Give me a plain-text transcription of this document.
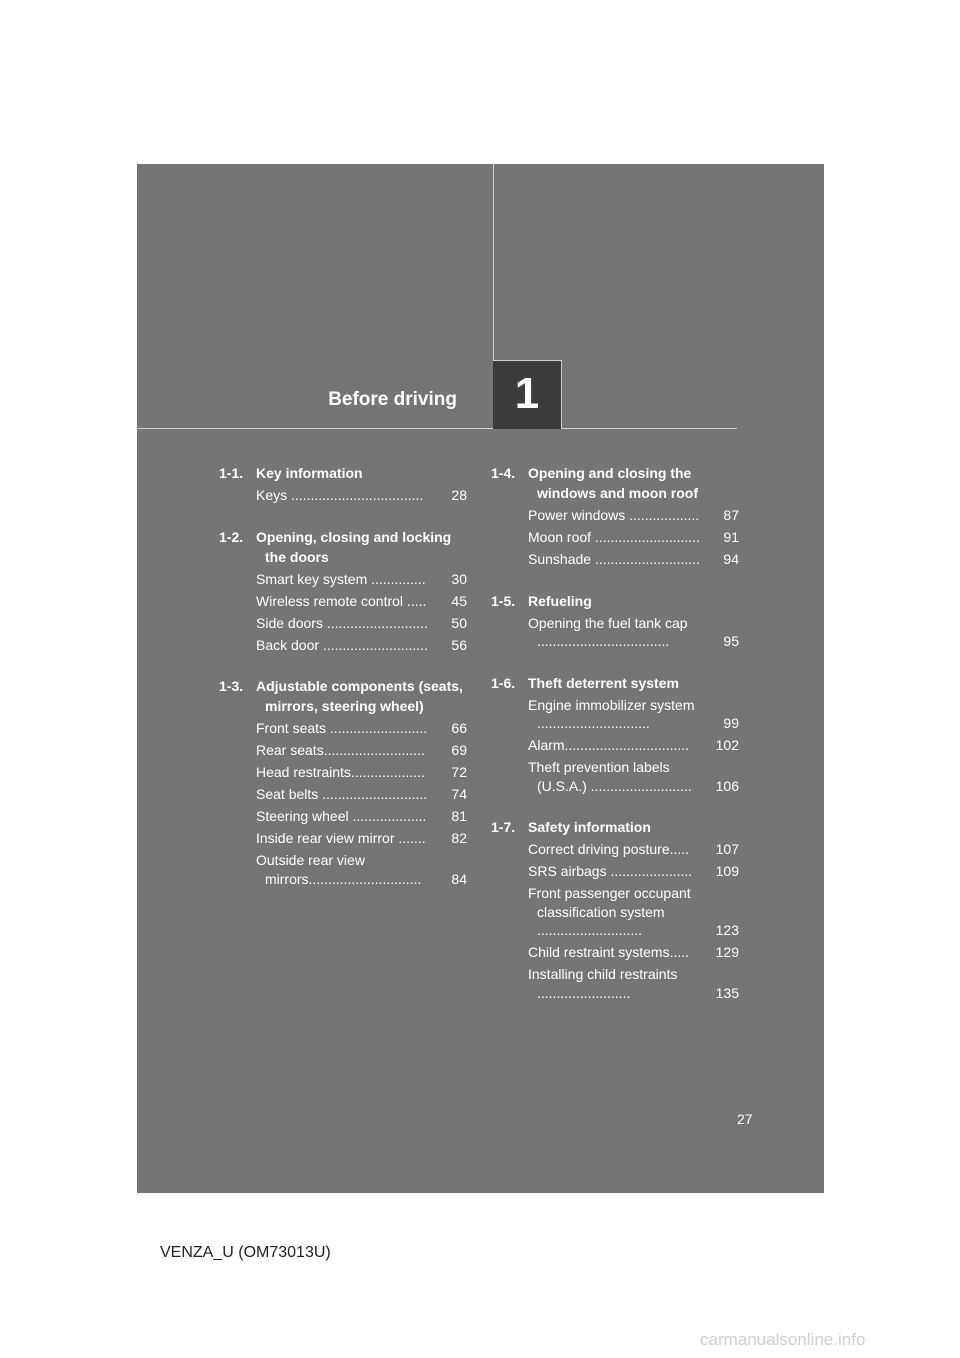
Before driving	1
1-1. Key information
Keys ..................................	28
1-2. Opening, closing and locking the doors
Smart key system ..............	30
Wireless remote control .....	45
Side doors ..........................	50
Back door ...........................	56
1-3. Adjustable components (seats, mirrors, steering wheel)
Front seats .........................	66
Rear seats..........................	69
Head restraints...................	72
Seat belts ...........................	74
Steering wheel ...................	81
Inside rear view mirror .......	82
Outside rear view mirrors.............................	84
1-4. Opening and closing the windows and moon roof
Power windows ..................	87
Moon roof ...........................	91
Sunshade ...........................	94
1-5. Refueling
Opening the fuel tank cap ..................................	95
1-6. Theft deterrent system
Engine immobilizer system .............................	99
Alarm................................	102
Theft prevention labels (U.S.A.) ..........................	106
1-7. Safety information
Correct driving posture.....	107
SRS airbags .....................	109
Front passenger occupant classification system ...........................	123
Child restraint systems.....	129
Installing child restraints ........................	135
27
VENZA_U (OM73013U)
carmanualsonline.info
